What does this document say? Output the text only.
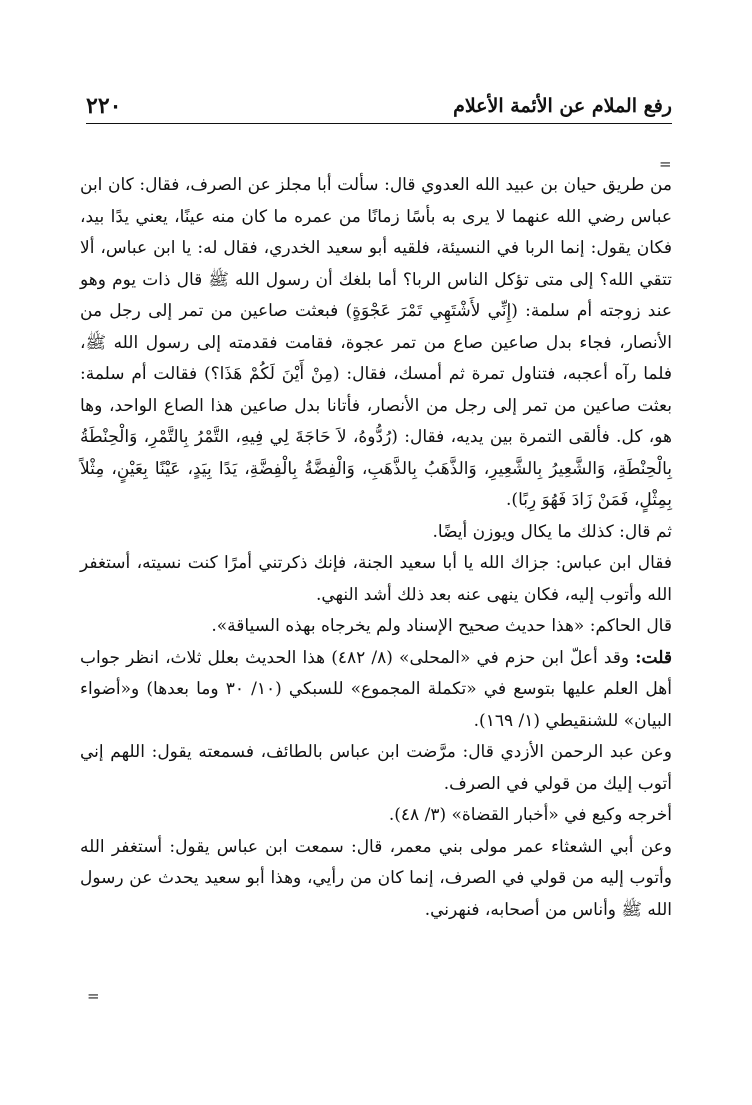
٢٢٠	رفع الملام عن الأئمة الأعلام
=

من طريق حيان بن عبيد الله العدوي قال: سألت أبا مجلز عن الصرف، فقال: كان ابن عباس رضي الله عنهما لا يرى به بأسًا زمانًا من عمره ما كان منه عينًا، يعني يدًا بيد، فكان يقول: إنما الربا في النسيئة، فلقيه أبو سعيد الخدري، فقال له: يا ابن عباس، ألا تتقي الله؟ إلى متى تؤكل الناس الربا؟ أما بلغك أن رسول الله ﷺ قال ذات يوم وهو عند زوجته أم سلمة: (إِنِّي لأَشْتَهِي تَمْرَ عَجْوَةٍ) فبعثت صاعين من تمر إلى رجل من الأنصار، فجاء بدل صاعين صاع من تمر عجوة، فقامت فقدمته إلى رسول الله ﷺ، فلما رآه أعجبه، فتناول تمرة ثم أمسك، فقال: (مِنْ أَيْنَ لَكُمْ هَذَا؟) فقالت أم سلمة: بعثت صاعين من تمر إلى رجل من الأنصار، فأتانا بدل صاعين هذا الصاع الواحد، وها هو، كل. فألقى التمرة بين يديه، فقال: (رُدُّوهُ، لاَ حَاجَةَ لِي فِيهِ، التَّمْرُ بِالتَّمْرِ، وَالْحِنْطَةُ بِالْحِنْطَةِ، وَالشَّعِيرُ بِالشَّعِيرِ، وَالذَّهَبُ بِالذَّهَبِ، وَالْفِضَّةُ بِالْفِضَّةِ، يَدًا بِيَدٍ، عَيْنًا بِعَيْنٍ، مِثْلاً بِمِثْلٍ، فَمَنْ زَادَ فَهُوَ رِبًا).

ثم قال: كذلك ما يكال ويوزن أيضًا.

فقال ابن عباس: جزاك الله يا أبا سعيد الجنة، فإنك ذكرتني أمرًا كنت نسيته، أستغفر الله وأتوب إليه، فكان ينهى عنه بعد ذلك أشد النهي.

قال الحاكم: «هذا حديث صحيح الإسناد ولم يخرجاه بهذه السياقة».

قلت: وقد أعلّ ابن حزم في «المحلى» (٨/ ٤٨٢) هذا الحديث بعلل ثلاث، انظر جواب أهل العلم عليها بتوسع في «تكملة المجموع» للسبكي (١٠/ ٣٠ وما بعدها) و«أضواء البيان» للشنقيطي (١/ ١٦٩).

وعن عبد الرحمن الأزدي قال: مرَّضت ابن عباس بالطائف، فسمعته يقول: اللهم إني أتوب إليك من قولي في الصرف.

أخرجه وكيع في «أخبار القضاة» (٣/ ٤٨).

وعن أبي الشعثاء عمر مولى بني معمر، قال: سمعت ابن عباس يقول: أستغفر الله وأتوب إليه من قولي في الصرف، إنما كان من رأيي، وهذا أبو سعيد يحدث عن رسول الله ﷺ وأناس من أصحابه، فنهرني.

=
